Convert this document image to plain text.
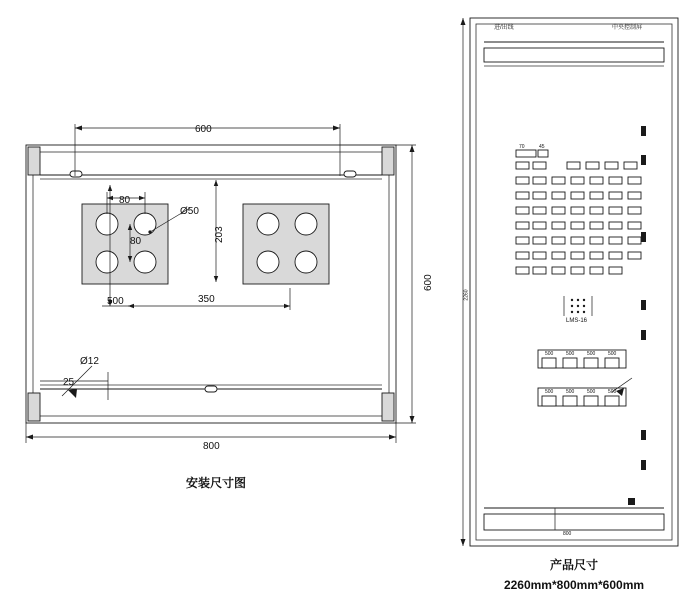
600
800
600
80
80
Ø50
203
500	350
25
Ø12
安装尺寸图
进/出线	中央控制屏
70	45
LMS-16
500	500	500	500
500	500	500	500
2260
800
产品尺寸
2260mm*800mm*600mm
